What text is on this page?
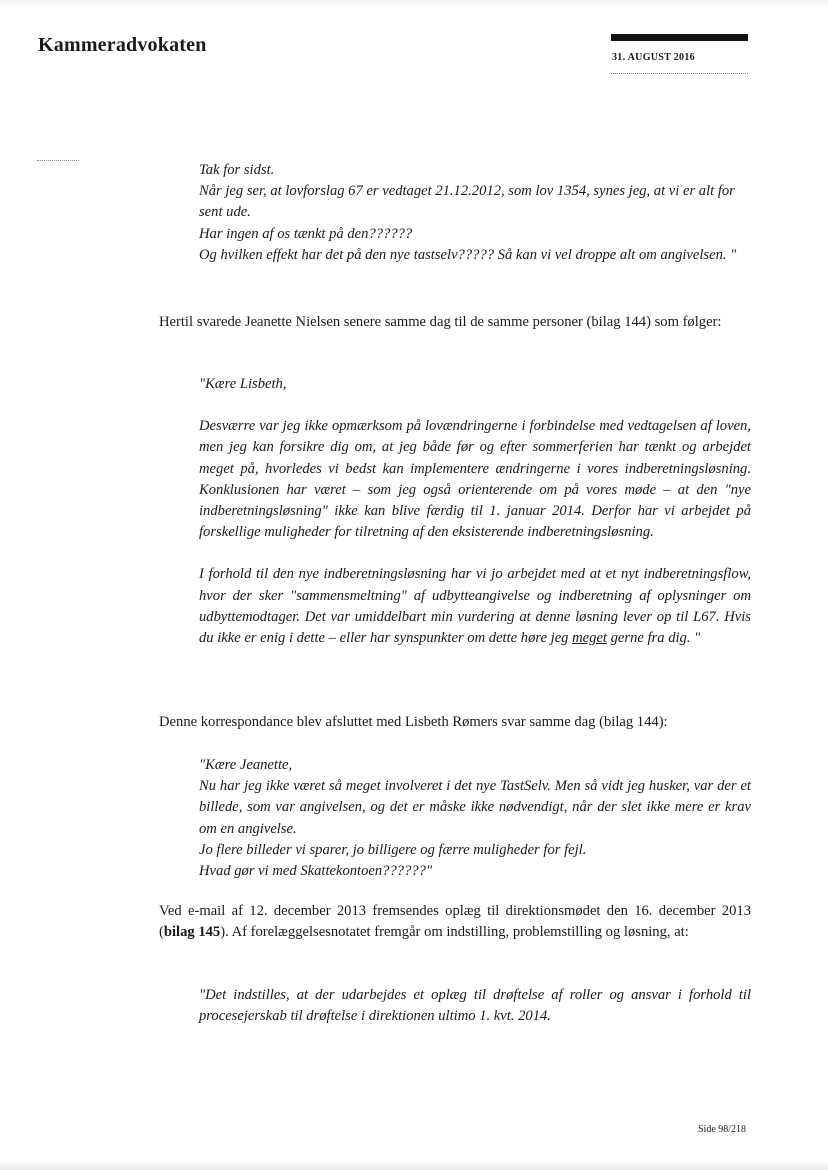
Kammeradvokaten
31. AUGUST 2016

Tak for sidst.

Når jeg ser, at lovforslag 67 er vedtaget 21.12.2012, som lov 1354, synes jeg, at vi er alt for sent ude.

Har ingen af os tænkt på den??????

Og hvilken effekt har det på den nye tastselv????? Så kan vi vel droppe alt om angivelsen. "

Hertil svarede Jeanette Nielsen senere samme dag til de samme personer (bilag 144) som følger:

"Kære Lisbeth,

Desværre var jeg ikke opmærksom på lovændringerne i forbindelse med vedtagelsen af loven, men jeg kan forsikre dig om, at jeg både før og efter sommerferien har tænkt og arbejdet meget på, hvorledes vi bedst kan implementere ændringerne i vores indberetningsløsning. Konklusionen har været – som jeg også orienterende om på vores møde – at den "nye indberetningsløsning" ikke kan blive færdig til 1. januar 2014. Derfor har vi arbejdet på forskellige muligheder for tilretning af den eksisterende indberetningsløsning.

I forhold til den nye indberetningsløsning har vi jo arbejdet med at et nyt indberetningsflow, hvor der sker "sammensmeltning" af udbytteangivelse og indberetning af oplysninger om udbyttemodtager. Det var umiddelbart min vurdering at denne løsning lever op til L67. Hvis du ikke er enig i dette – eller har synspunkter om dette høre jeg meget gerne fra dig. "

Denne korrespondance blev afsluttet med Lisbeth Rømers svar samme dag (bilag 144):

"Kære Jeanette,

Nu har jeg ikke været så meget involveret i det nye TastSelv. Men så vidt jeg husker, var der et billede, som var angivelsen, og det er måske ikke nødvendigt, når der slet ikke mere er krav om en angivelse.

Jo flere billeder vi sparer, jo billigere og færre muligheder for fejl.

Hvad gør vi med Skattekontoen??????"

Ved e-mail af 12. december 2013 fremsendes oplæg til direktionsmødet den 16. december 2013 (bilag 145). Af forelæggelsesnotatet fremgår om indstilling, problemstilling og løsning, at:

"Det indstilles, at der udarbejdes et oplæg til drøftelse af roller og ansvar i forhold til procesejerskab til drøftelse i direktionen ultimo 1. kvt. 2014.

Side 98/218
